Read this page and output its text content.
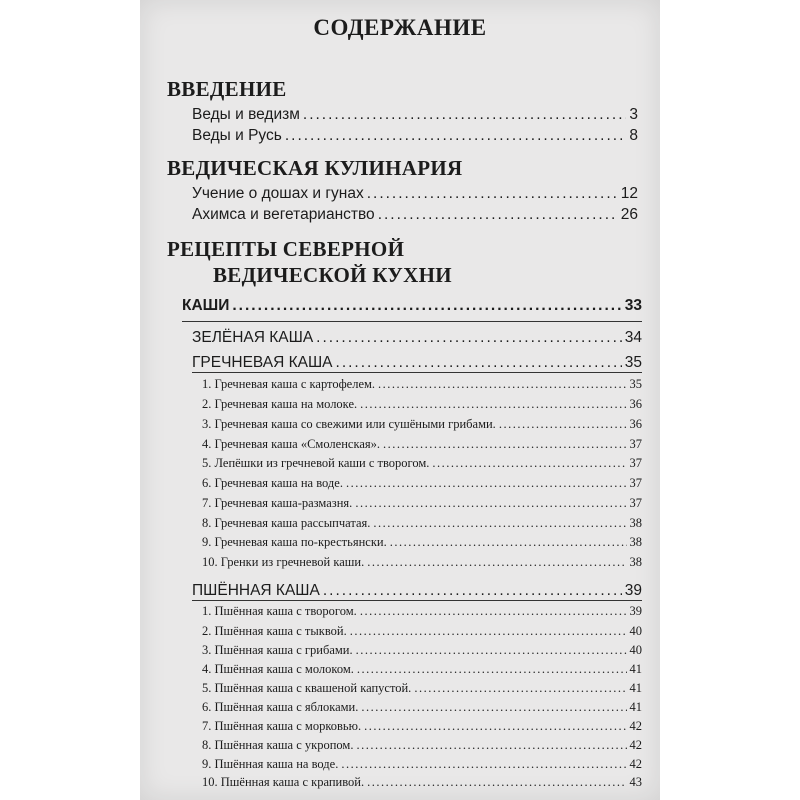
СОДЕРЖАНИЕ
ВВЕДЕНИЕ
Веды и ведизм .....	3
Веды и Русь .....	8
ВЕДИЧЕСКАЯ КУЛИНАРИЯ
Учение о дошах и гунах .....	12
Ахимса и вегетарианство .....	26
РЕЦЕПТЫ СЕВЕРНОЙ
ВЕДИЧЕСКОЙ КУХНИ
КАШИ .....	33
ЗЕЛЁНАЯ КАША .....	34
ГРЕЧНЕВАЯ КАША .....	35
1. Гречневая каша с картофелем. .....	35
2. Гречневая каша на молоке. .....	36
3. Гречневая каша со свежими или сушёными грибами. .....	36
4. Гречневая каша «Смоленская». .....	37
5. Лепёшки из гречневой каши с творогом. .....	37
6. Гречневая каша на воде. .....	37
7. Гречневая каша-размазня. .....	37
8. Гречневая каша рассыпчатая. .....	38
9. Гречневая каша по-крестьянски. .....	38
10. Гренки из гречневой каши. .....	38
ПШЁННАЯ КАША .....	39
1. Пшённая каша с творогом. .....	39
2. Пшённая каша с тыквой. .....	40
3. Пшённая каша с грибами. .....	40
4. Пшённая каша с молоком. .....	41
5. Пшённая каша с квашеной капустой. .....	41
6. Пшённая каша с яблоками. .....	41
7. Пшённая каша с морковью. .....	42
8. Пшённая каша с укропом. .....	42
9. Пшённая каша на воде. .....	42
10. Пшённая каша с крапивой. .....	43
